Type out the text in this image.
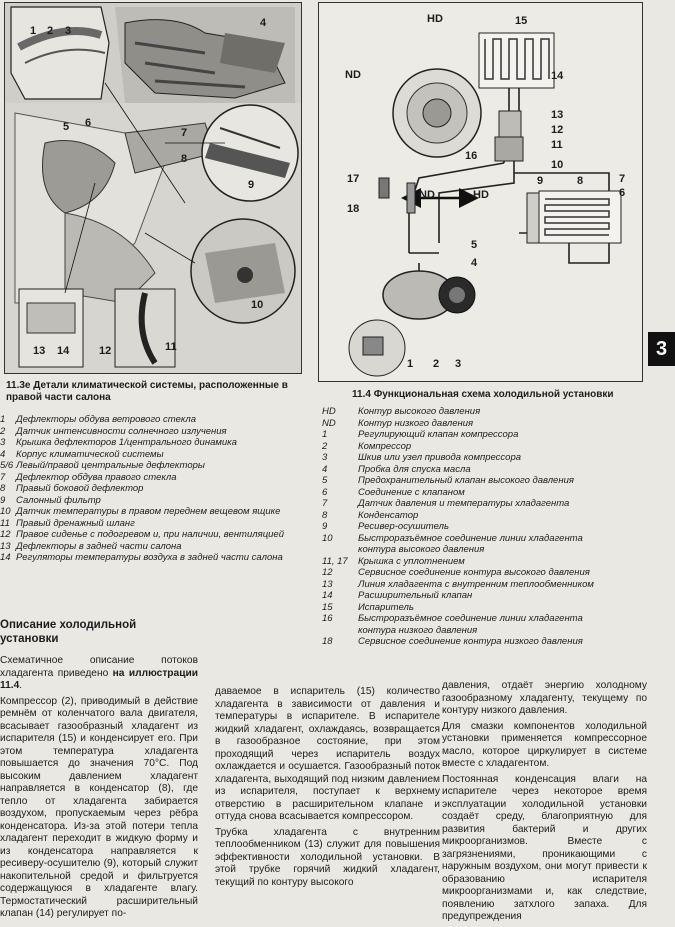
1 2 3
4
5 6
7
8
9
10
11
12
13 14
11.3е Детали климатической системы, расположенные в правой части салона
HD
ND
ND	HD
1 2 3
4
5
6
7
8
9
10
11
12
13
14
15
16
17
18
11.4 Функциональная схема холодильной установки
3
1	Дефлекторы обдува ветрового стекла
2	Датчик интенсивности солнечного излучения
3	Крышка дефлекторов 1/центрального динамика
4	Корпус климатической системы
5/6 Левый/правой центральные дефлекторы
7	Дефлектор обдува правого стекла
8	Правый боковой дефлектор
9	Салонный фильтр
10 Датчик температуры в правом переднем вещевом ящике
11 Правый дренажный шланг
12 Правое сиденье с подогревом и, при наличии, вентиляцией
13 Дефлекторы в задней части салона
14 Регуляторы температуры воздуха в задней части салона
HD	Контур высокого давления
ND	Контур низкого давления
1	Регулирующий клапан компрессора
2	Компрессор
3	Шкив или узел привода компрессора
4	Пробка для спуска масла
5	Предохранительный клапан высокого давления
6	Соединение с клапаном
7	Датчик давления и температуры хладагента
8	Конденсатор
9	Ресивер-осушитель
10	Быстроразъёмное соединение линии хладагента контура высокого давления
11, 17	Крышка с уплотнением
12	Сервисное соединение контура высокого давления
13	Линия хладагента с внутренним теплообменником
14	Расширительный клапан
15	Испаритель
16	Быстроразъёмное соединение линии хладагента контура низкого давления
18	Сервисное соединение контура низкого давления
Описание холодильной установки

Схематичное описание потоков хладагента приведено на иллюстрации 11.4.

Компрессор (2), приводимый в действие ремнём от коленчатого вала двигателя, всасывает газообразный хладагент из испарителя (15) и конденсирует его. При этом температура хладагента повышается до значения 70°C. Под высоким давлением хладагент направляется в конденсатор (8), где тепло от хладагента забирается воздухом, пропускаемым через рёбра конденсатора. Из-за этой потери тепла хладагент переходит в жидкую форму и из конденсатора направляется к ресиверу-осушителю (9), который служит накопительной средой и фильтруется содержащуюся в хладагенте влагу. Термостатический расширительный клапан (14) регулирует по-

даваемое в испаритель (15) количество хладагента в зависимости от давления и температуры в испарителе. В испарителе жидкий хладагент, охлаждаясь, возвращается в газообразное состояние, при этом проходящий через испаритель воздух охлаждается и осушается. Газообразный поток хладагента, выходящий под низким давлением из испарителя, поступает к верхнему отверстию в расширительном клапане и оттуда снова всасывается компрессором.

Трубка хладагента с внутренним теплообменником (13) служит для повышения эффективности холодильной установки. В этой трубке горячий жидкий хладагент, текущий по контуру высокого

давления, отдаёт энергию холодному газообразному хладагенту, текущему по контуру низкого давления.

Для смазки компонентов холодильной установки применяется компрессорное масло, которое циркулирует в системе вместе с хладагентом.

Постоянная конденсация влаги на испарителе через некоторое время эксплуатации холодильной установки создаёт среду, благоприятную для развития бактерий и других микроорганизмов. Вместе с загрязнениями, проникающими с наружным воздухом, они могут привести к образованию испарителя микроорганизмами и, как следствие, появлению затхлого запаха. Для предупреждения
